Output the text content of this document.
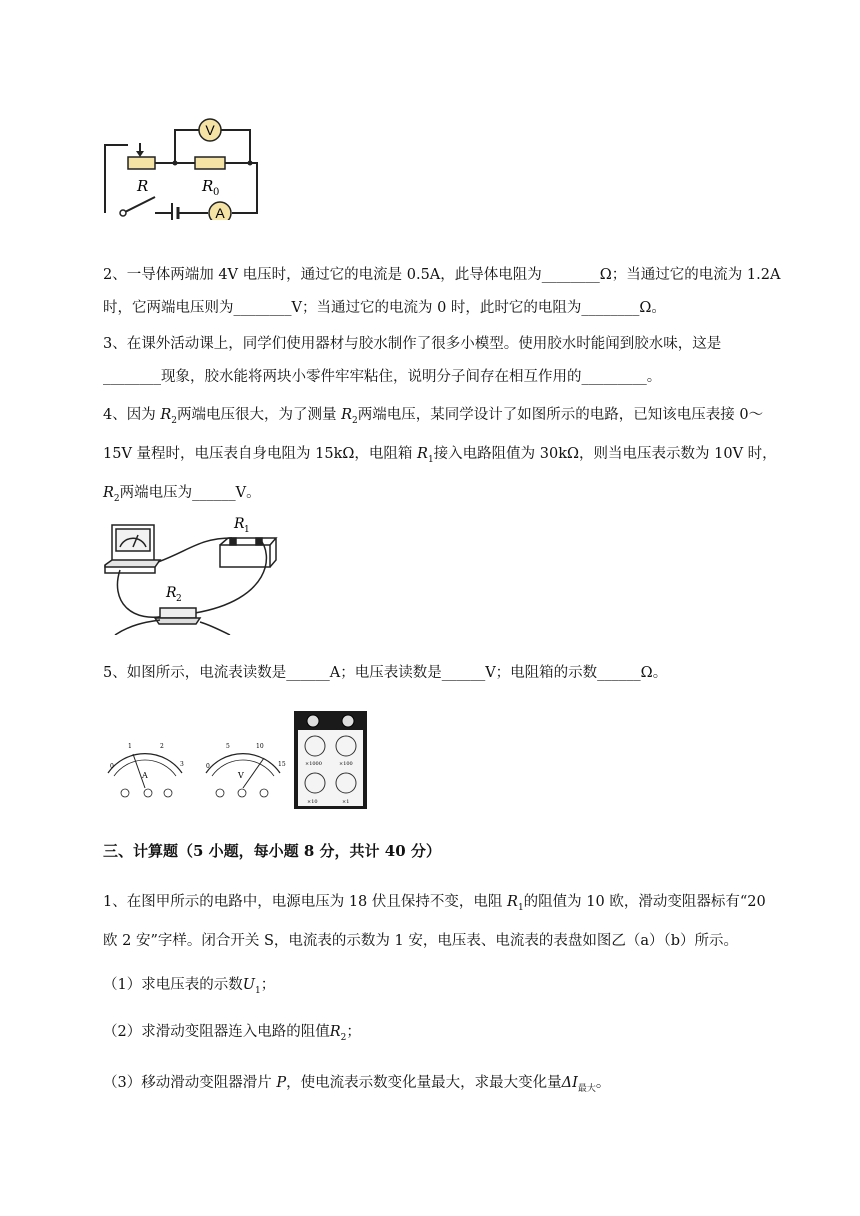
V
A
R	R 0
2、一导体两端加 4V 电压时，通过它的电流是 0.5A，此导体电阻为________Ω；当通过它的电流为 1.2A
时，它两端电压则为________V；当通过它的电流为 0 时，此时它的电阻为________Ω。
3、在课外活动课上，同学们使用器材与胶水制作了很多小模型。使用胶水时能闻到胶水味，这是
________现象，胶水能将两块小零件牢牢粘住，说明分子间存在相互作用的_________。
4、因为 $R_2$两端电压很大，为了测量 $R_2$两端电压，某同学设计了如图所示的电路，已知该电压表接 0～
15V 量程时，电压表自身电阻为 15kΩ，电阻箱 $R_1$接入电路阻值为 30kΩ，则当电压表示数为 10V 时，
$R_2$两端电压为______V。
R 1
R 2
5、如图所示，电流表读数是______A；电压表读数是______V；电阻箱的示数______Ω。
0
1	2
3
A
0
5	10
15
V
×1000	×100
×10	×1
三、计算题（5 小题，每小题 8 分，共计 40 分）
1、在图甲所示的电路中，电源电压为 18 伏且保持不变，电阻 $R_1$的阻值为 10 欧，滑动变阻器标有“20
欧 2 安”字样。闭合开关 S，电流表的示数为 1 安，电压表、电流表的表盘如图乙（a）（b）所示。
（1）求电压表的示数$U_1$；
（2）求滑动变阻器连入电路的阻值$R_2$；
（3）移动滑动变阻器滑片 P，使电流表示数变化量最大，求最大变化量$\Delta I_{最大}$。
